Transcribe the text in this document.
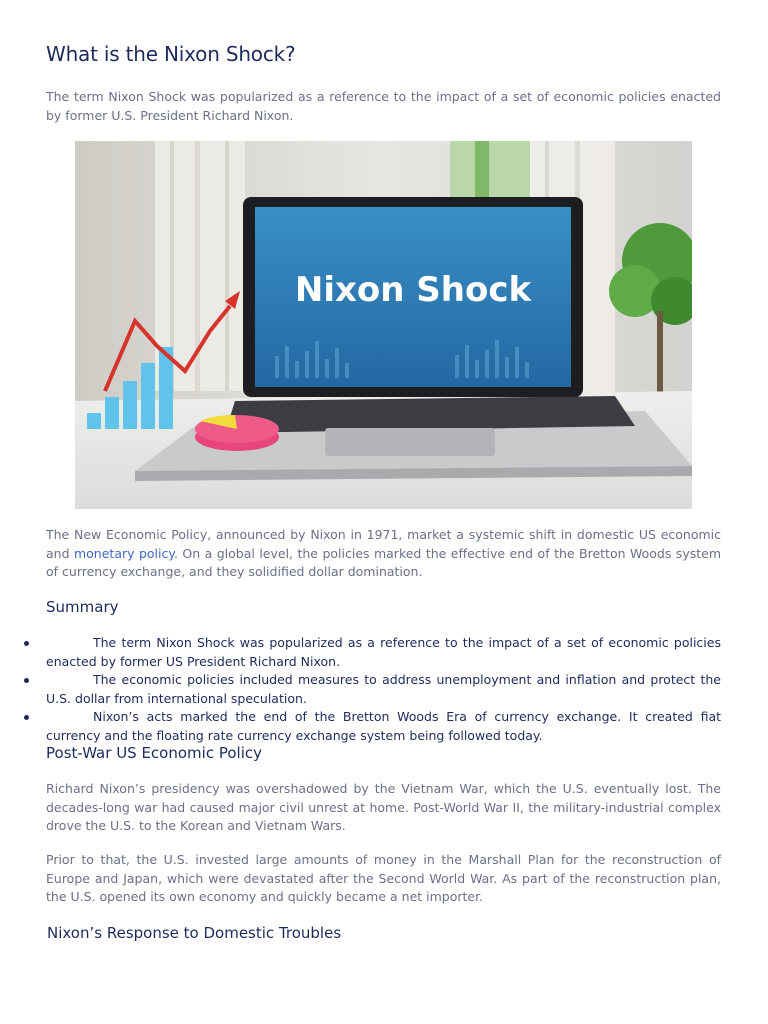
What is the Nixon Shock?

The term Nixon Shock was popularized as a reference to the impact of a set of economic policies enacted by former U.S. President Richard Nixon.

Nixon Shock

The New Economic Policy, announced by Nixon in 1971, market a systemic shift in domestic US economic and monetary policy. On a global level, the policies marked the effective end of the Bretton Woods system of currency exchange, and they solidified dollar domination.

Summary
The term Nixon Shock was popularized as a reference to the impact of a set of economic policies enacted by former US President Richard Nixon.
The economic policies included measures to address unemployment and inflation and protect the U.S. dollar from international speculation.
Nixon’s acts marked the end of the Bretton Woods Era of currency exchange. It created fiat currency and the floating rate currency exchange system being followed today.
Post-War US Economic Policy

Richard Nixon’s presidency was overshadowed by the Vietnam War, which the U.S. eventually lost. The decades-long war had caused major civil unrest at home. Post-World War II, the military-industrial complex drove the U.S. to the Korean and Vietnam Wars.

Prior to that, the U.S. invested large amounts of money in the Marshall Plan for the reconstruction of Europe and Japan, which were devastated after the Second World War. As part of the reconstruction plan, the U.S. opened its own economy and quickly became a net importer.

Nixon’s Response to Domestic Troubles
